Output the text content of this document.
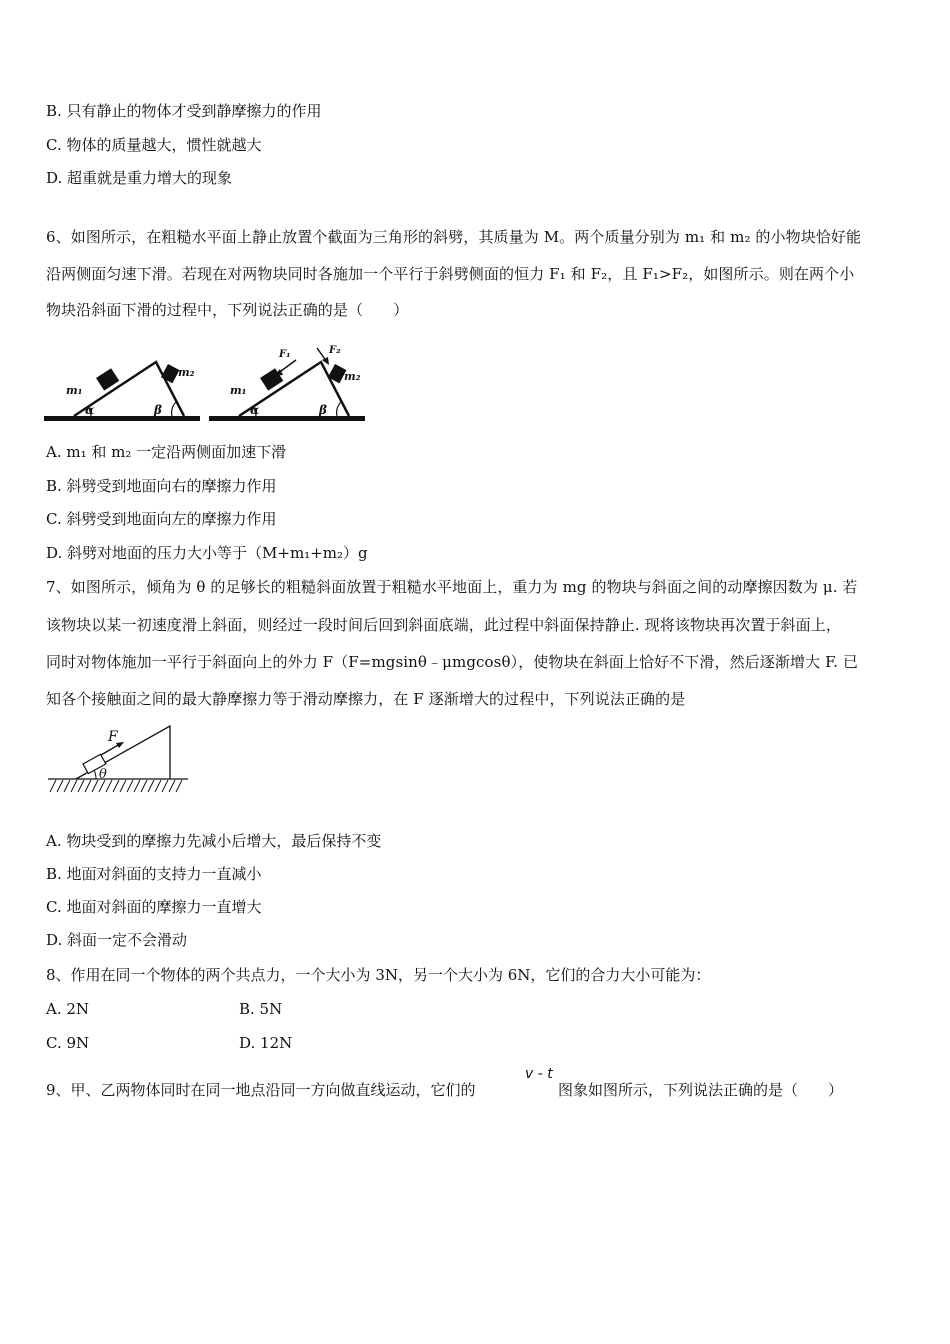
B. 只有静止的物体才受到静摩擦力的作用
C. 物体的质量越大，惯性就越大
D. 超重就是重力增大的现象
6、如图所示，在粗糙水平面上静止放置个截面为三角形的斜劈，其质量为 M。两个质量分别为 m₁ 和 m₂ 的小物块恰好能
沿两侧面匀速下滑。若现在对两物块同时各施加一个平行于斜劈侧面的恒力 F₁ 和 F₂，且 F₁>F₂，如图所示。则在两个小
物块沿斜面下滑的过程中，下列说法正确的是（　　）
m₁
m₂
α	β
F₁	F₂
m₁
m₂
α	β
A. m₁ 和 m₂ 一定沿两侧面加速下滑
B. 斜劈受到地面向右的摩擦力作用
C. 斜劈受到地面向左的摩擦力作用
D. 斜劈对地面的压力大小等于（M+m₁+m₂）g
7、如图所示，倾角为 θ 的足够长的粗糙斜面放置于粗糙水平地面上，重力为 mg 的物块与斜面之间的动摩擦因数为 μ. 若
该物块以某一初速度滑上斜面，则经过一段时间后回到斜面底端，此过程中斜面保持静止. 现将该物块再次置于斜面上，
同时对物体施加一平行于斜面向上的外力 F（F=mgsinθ﹣μmgcosθ），使物块在斜面上恰好不下滑，然后逐渐增大 F. 已
知各个接触面之间的最大静摩擦力等于滑动摩擦力，在 F 逐渐增大的过程中，下列说法正确的是
F
θ
A. 物块受到的摩擦力先减小后增大，最后保持不变
B. 地面对斜面的支持力一直减小
C. 地面对斜面的摩擦力一直增大
D. 斜面一定不会滑动
8、作用在同一个物体的两个共点力，一个大小为 3N，另一个大小为 6N，它们的合力大小可能为：
A. 2N	B. 5N
C. 9N	D. 12N
9、甲、乙两物体同时在同一地点沿同一方向做直线运动，它们的
v - t
图象如图所示，下列说法正确的是（　　）
